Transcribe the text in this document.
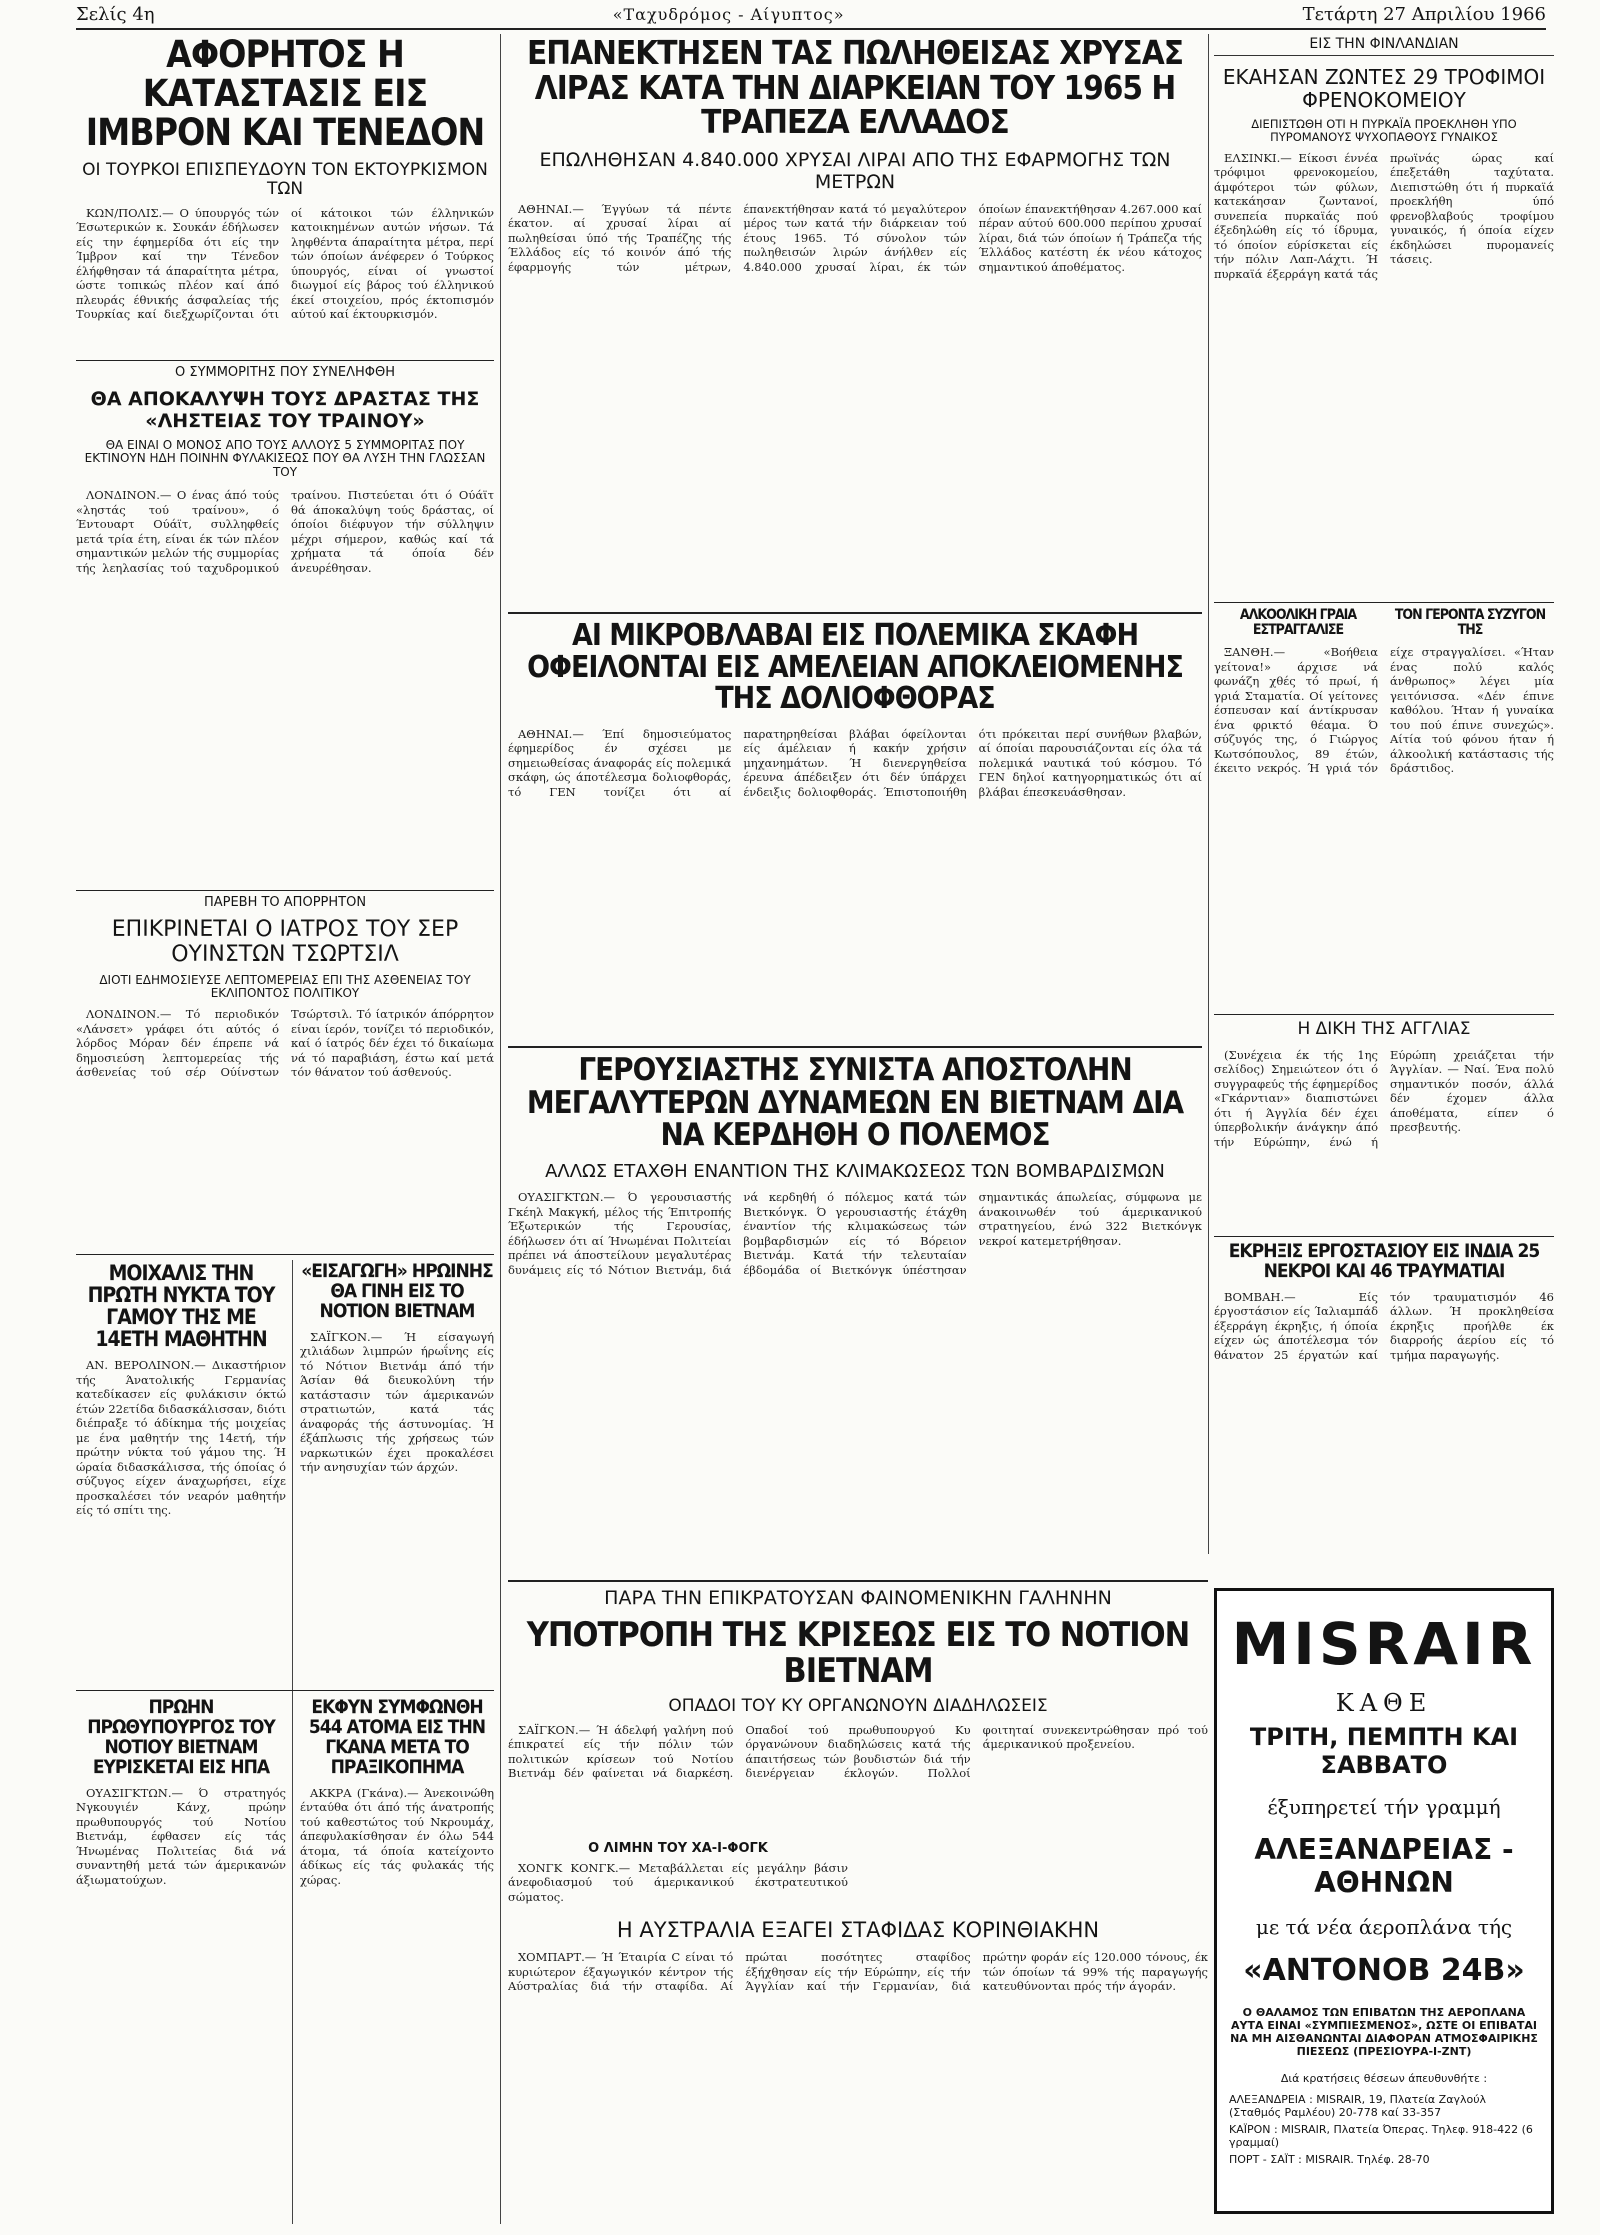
Σελίς 4η	«Ταχυδρόμος - Αίγυπτος»	Τετάρτη 27 Απριλίου 1966
ΑΦΟΡΗΤΟΣ Η ΚΑΤΑΣΤΑΣΙΣ ΕΙΣ ΙΜΒΡΟΝ ΚΑΙ ΤΕΝΕΔΟΝ
ΟΙ ΤΟΥΡΚΟΙ ΕΠΙΣΠΕΥΔΟΥΝ ΤΟΝ ΕΚΤΟΥΡΚΙΣΜΟΝ ΤΩΝ

ΚΩΝ/ΠΟΛΙΣ.— Ο ύπουργός τών Έσωτερικών κ. Σουκάν έδήλωσεν είς την έφημερίδα ότι είς την Ίμβρον καί την Τένεδον έλήφθησαν τά άπαραίτητα μέτρα, ώστε τοπικώς πλέον καί άπό πλευράς έθνικής άσφαλείας τής Τουρκίας καί διεξχωρίζονται ότι οί κάτοικοι τών έλληνικών κατοικημένων αυτών νήσων. Τά ληφθέντα άπαραίτητα μέτρα, περί τών όποίων άνέφερεν ό Τούρκος ύπουργός, είναι οί γνωστοί διωγμοί είς βάρος τού έλληνικού έκεί στοιχείου, πρός έκτοπισμόν αύτού καί έκτουρκισμόν.

Ο ΣΥΜΜΟΡΙΤΗΣ ΠΟΥ ΣΥΝΕΛΗΦΘΗ
ΘΑ ΑΠΟΚΑΛΥΨΗ ΤΟΥΣ ΔΡΑΣΤΑΣ ΤΗΣ «ΛΗΣΤΕΙΑΣ ΤΟΥ ΤΡΑΙΝΟΥ»
ΘΑ ΕΙΝΑΙ Ο ΜΟΝΟΣ ΑΠΟ ΤΟΥΣ ΑΛΛΟΥΣ 5 ΣΥΜΜΟΡΙΤΑΣ ΠΟΥ ΕΚΤΙΝΟΥΝ ΗΔΗ ΠΟΙΝΗΝ ΦΥΛΑΚΙΣΕΩΣ ΠΟΥ ΘΑ ΛΥΣΗ ΤΗΝ ΓΛΩΣΣΑΝ ΤΟΥ

ΛΟΝΔΙΝΟΝ.— Ο ένας άπό τούς «ληστάς τού τραίνου», ό Έντουαρτ Ούάϊτ, συλληφθείς μετά τρία έτη, είναι έκ τών πλέον σημαντικών μελών τής συμμορίας τής λεηλασίας τού ταχυδρομικού τραίνου. Πιστεύεται ότι ό Ούάϊτ θά άποκαλύψη τούς δράστας, οί όποίοι διέφυγον τήν σύλληψιν μέχρι σήμερον, καθώς καί τά χρήματα τά όποία δέν άνευρέθησαν.

ΠΑΡΕΒΗ ΤΟ ΑΠΟΡΡΗΤΟΝ
ΕΠΙΚΡΙΝΕΤΑΙ Ο ΙΑΤΡΟΣ ΤΟΥ ΣΕΡ ΟΥΙΝΣΤΩΝ ΤΣΩΡΤΣΙΛ
ΔΙΟΤΙ ΕΔΗΜΟΣΙΕΥΣΕ ΛΕΠΤΟΜΕΡΕΙΑΣ ΕΠΙ ΤΗΣ ΑΣΘΕΝΕΙΑΣ ΤΟΥ ΕΚΛΙΠΟΝΤΟΣ ΠΟΛΙΤΙΚΟΥ

ΛΟΝΔΙΝΟΝ.— Τό περιοδικόν «Λάνσετ» γράφει ότι αύτός ό λόρδος Μόραν δέν έπρεπε νά δημοσιεύση λεπτομερείας τής άσθενείας τού σέρ Ούίνστων Τσώρτσιλ. Τό ίατρικόν άπόρρητον είναι ίερόν, τονίζει τό περιοδικόν, καί ό ίατρός δέν έχει τό δικαίωμα νά τό παραβιάση, έστω καί μετά τόν θάνατον τού άσθενούς.

ΜΟΙΧΑΛΙΣ ΤΗΝ ΠΡΩΤΗ ΝΥΚΤΑ ΤΟΥ ΓΑΜΟΥ ΤΗΣ ΜΕ 14ΕΤΗ ΜΑΘΗΤΗΝ

ΑΝ. ΒΕΡΟΛΙΝΟΝ.— Δικαστήριον τής Άνατολικής Γερμανίας κατεδίκασεν είς φυλάκισιν όκτώ έτών 22ετίδα διδασκάλισσαν, διότι διέπραξε τό άδίκημα τής μοιχείας με ένα μαθητήν της 14ετή, τήν πρώτην νύκτα τού γάμου της. Ή ώραία διδασκάλισσα, τής όποίας ό σύζυγος είχεν άναχωρήσει, είχε προσκαλέσει τόν νεαρόν μαθητήν είς τό σπίτι της.

«ΕΙΣΑΓΩΓΗ» ΗΡΩΙΝΗΣ ΘΑ ΓΙΝΗ ΕΙΣ ΤΟ ΝΟΤΙΟΝ ΒΙΕΤΝΑΜ

ΣΑΪΓΚΟΝ.— Ή είσαγωγή χιλιάδων λιμπρών ήρωΐνης είς τό Νότιον Βιετνάμ άπό τήν Άσίαν θά διευκολύνη τήν κατάστασιν τών άμερικανών στρατιωτών, κατά τάς άναφοράς τής άστυνομίας. Ή έξάπλωσις τής χρήσεως τών ναρκωτικών έχει προκαλέσει τήν ανησυχίαν τών άρχών.

ΠΡΩΗΝ ΠΡΩΘΥΠΟΥΡΓΟΣ ΤΟΥ ΝΟΤΙΟΥ ΒΙΕΤΝΑΜ ΕΥΡΙΣΚΕΤΑΙ ΕΙΣ ΗΠΑ

ΟΥΑΣΙΓΚΤΩΝ.— Ό στρατηγός Νγκουγιέν Κάνχ, πρώην πρωθυπουργός τού Νοτίου Βιετνάμ, έφθασεν είς τάς Ήνωμένας Πολιτείας διά νά συναντηθή μετά τών άμερικανών άξιωματούχων.

ΕΚΦΥΝ ΣΥΜΦΩΝΘΗ 544 ΑΤΟΜΑ ΕΙΣ ΤΗΝ ΓΚΑΝΑ ΜΕΤΑ ΤΟ ΠΡΑΞΙΚΟΠΗΜΑ

ΑΚΚΡΑ (Γκάνα).— Άνεκοινώθη ένταύθα ότι άπό τής άνατροπής τού καθεστώτος τού Νκρουμάχ, άπεφυλακίσθησαν έν όλω 544 άτομα, τά όποία κατείχοντο άδίκως είς τάς φυλακάς τής χώρας.

ΕΠΑΝΕΚΤΗΣΕΝ ΤΑΣ ΠΩΛΗΘΕΙΣΑΣ ΧΡΥΣΑΣ ΛΙΡΑΣ ΚΑΤΑ ΤΗΝ ΔΙΑΡΚΕΙΑΝ ΤΟΥ 1965 Η ΤΡΑΠΕΖΑ ΕΛΛΑΔΟΣ
ΕΠΩΛΗΘΗΣΑΝ 4.840.000 ΧΡΥΣΑΙ ΛΙΡΑΙ ΑΠΟ ΤΗΣ ΕΦΑΡΜΟΓΗΣ ΤΩΝ ΜΕΤΡΩΝ

ΑΘΗΝΑΙ.— Έγγύων τά πέντε έκατον. αί χρυσαί λίραι αί πωληθείσαι ύπό τής Τραπέζης τής Έλλάδος είς τό κοινόν άπό τής έφαρμογής τών μέτρων, έπανεκτήθησαν κατά τό μεγαλύτερον μέρος των κατά τήν διάρκειαν τού έτους 1965. Τό σύνολον τών πωληθεισών λιρών άνήλθεν είς 4.840.000 χρυσαί λίραι, έκ τών όποίων έπανεκτήθησαν 4.267.000 καί πέραν αύτού 600.000 περίπου χρυσαί λίραι, διά τών όποίων ή Τράπεζα τής Έλλάδος κατέστη έκ νέου κάτοχος σημαντικού άποθέματος.

ΑΙ ΜΙΚΡΟΒΛΑΒΑΙ ΕΙΣ ΠΟΛΕΜΙΚΑ ΣΚΑΦΗ ΟΦΕΙΛΟΝΤΑΙ ΕΙΣ ΑΜΕΛΕΙΑΝ ΑΠΟΚΛΕΙΟΜΕΝΗΣ ΤΗΣ ΔΟΛΙΟΦΘΟΡΑΣ

ΑΘΗΝΑΙ.— Έπί δημοσιεύματος έφημερίδος έν σχέσει με σημειωθείσας άναφοράς είς πολεμικά σκάφη, ώς άποτέλεσμα δολιοφθοράς, τό ΓΕΝ τονίζει ότι αί παρατηρηθείσαι βλάβαι όφείλονται είς άμέλειαν ή κακήν χρήσιν μηχανημάτων. Ή διενεργηθείσα έρευνα άπέδειξεν ότι δέν ύπάρχει ένδειξις δολιοφθοράς. Έπιστοποιήθη ότι πρόκειται περί συνήθων βλαβών, αί όποίαι παρουσιάζονται είς όλα τά πολεμικά ναυτικά τού κόσμου. Τό ΓΕΝ δηλοί κατηγορηματικώς ότι αί βλάβαι έπεσκευάσθησαν.

ΓΕΡΟΥΣΙΑΣΤΗΣ ΣΥΝΙΣΤΑ ΑΠΟΣΤΟΛΗΝ ΜΕΓΑΛΥΤΕΡΩΝ ΔΥΝΑΜΕΩΝ ΕΝ ΒΙΕΤΝΑΜ ΔΙΑ ΝΑ ΚΕΡΔΗΘΗ Ο ΠΟΛΕΜΟΣ
ΑΛΛΩΣ ΕΤΑΧΘΗ ΕΝΑΝΤΙΟΝ ΤΗΣ ΚΛΙΜΑΚΩΣΕΩΣ ΤΩΝ ΒΟΜΒΑΡΔΙΣΜΩΝ

ΟΥΑΣΙΓΚΤΩΝ.— Ό γερουσιαστής Γκέηλ Μακγκή, μέλος τής Έπιτροπής Έξωτερικών τής Γερουσίας, έδήλωσεν ότι αί Ήνωμέναι Πολιτείαι πρέπει νά άποστείλουν μεγαλυτέρας δυνάμεις είς τό Νότιον Βιετνάμ, διά νά κερδηθή ό πόλεμος κατά τών Βιετκόνγκ. Ό γερουσιαστής έτάχθη έναντίον τής κλιμακώσεως τών βομβαρδισμών είς τό Βόρειον Βιετνάμ. Κατά τήν τελευταίαν έβδομάδα οί Βιετκόνγκ ύπέστησαν σημαντικάς άπωλείας, σύμφωνα με άνακοινωθέν τού άμερικανικού στρατηγείου, ένώ 322 Βιετκόνγκ νεκροί κατεμετρήθησαν.

ΠΑΡΑ ΤΗΝ ΕΠΙΚΡΑΤΟΥΣΑΝ ΦΑΙΝΟΜΕΝΙΚΗΝ ΓΑΛΗΝΗΝ
ΥΠΟΤΡΟΠΗ ΤΗΣ ΚΡΙΣΕΩΣ ΕΙΣ ΤΟ ΝΟΤΙΟΝ ΒΙΕΤΝΑΜ
ΟΠΑΔΟΙ ΤΟΥ ΚΥ ΟΡΓΑΝΩΝΟΥΝ ΔΙΑΔΗΛΩΣΕΙΣ

ΣΑΪΓΚΟΝ.— Ή άδελφή γαλήνη πού έπικρατεί είς τήν πόλιν τών πολιτικών κρίσεων τού Νοτίου Βιετνάμ δέν φαίνεται νά διαρκέση. Οπαδοί τού πρωθυπουργού Κυ όργανώνουν διαδηλώσεις κατά τής άπαιτήσεως τών βουδιστών διά τήν διενέργειαν έκλογών. Πολλοί φοιτηταί συνεκεντρώθησαν πρό τού άμερικανικού προξενείου.

Ο ΛΙΜΗΝ ΤΟΥ ΧΑ-Ι-ΦΟΓΚ

ΧΟΝΓΚ ΚΟΝΓΚ.— Μεταβάλλεται είς μεγάλην βάσιν άνεφοδιασμού τού άμερικανικού έκστρατευτικού σώματος.

Η ΑΥΣΤΡΑΛΙΑ ΕΞΑΓΕΙ ΣΤΑΦΙΔΑΣ ΚΟΡΙΝΘΙΑΚΗΝ

ΧΟΜΠΑΡΤ.— Ή Έταιρία C είναι τό κυριώτερον έξαγωγικόν κέντρον τής Αύστραλίας διά τήν σταφίδα. Αί πρώται ποσότητες σταφίδος έξήχθησαν είς τήν Εύρώπην, είς τήν Άγγλίαν καί τήν Γερμανίαν, διά πρώτην φοράν είς 120.000 τόνους, έκ τών όποίων τά 99% τής παραγωγής κατευθύνονται πρός τήν άγοράν.

ΕΙΣ ΤΗΝ ΦΙΝΛΑΝΔΙΑΝ
ΕΚΑΗΣΑΝ ΖΩΝΤΕΣ 29 ΤΡΟΦΙΜΟΙ ΦΡΕΝΟΚΟΜΕΙΟΥ
ΔΙΕΠΙΣΤΩΘΗ ΟΤΙ Η ΠΥΡΚΑΪΑ ΠΡΟΕΚΛΗΘΗ ΥΠΟ ΠΥΡΟΜΑΝΟΥΣ ΨΥΧΟΠΑΘΟΥΣ ΓΥΝΑΙΚΟΣ

ΕΛΣΙΝΚΙ.— Είκοσι έννέα τρόφιμοι φρενοκομείου, άμφότεροι τών φύλων, κατεκάησαν ζωντανοί, συνεπεία πυρκαϊάς πού έξεδηλώθη είς τό ίδρυμα, τό όποίον εύρίσκεται είς τήν πόλιν Λαπ-Λάχτι. Ή πυρκαϊά έξερράγη κατά τάς πρωϊνάς ώρας καί έπεξετάθη ταχύτατα. Διεπιστώθη ότι ή πυρκαϊά προεκλήθη ύπό φρενοβλαβούς τροφίμου γυναικός, ή όποία είχεν έκδηλώσει πυρομανείς τάσεις.

ΑΛΚΟΟΛΙΚΗ ΓΡΑΙΑ ΕΣΤΡΑΓΓΑΛΙΣΕ
ΤΟΝ ΓΕΡΟΝΤΑ ΣΥΖΥΓΟΝ ΤΗΣ

ΞΑΝΘΗ.— «Βοήθεια γείτονα!» άρχισε νά φωνάζη χθές τό πρωί, ή γριά Σταματία. Οί γείτονες έσπευσαν καί άντίκρυσαν ένα φρικτό θέαμα. Ό σύζυγός της, ό Γιώργος Κωτσόπουλος, 89 έτών, έκειτο νεκρός. Ή γριά τόν είχε στραγγαλίσει. «Ήταν ένας πολύ καλός άνθρωπος» λέγει μία γειτόνισσα. «Δέν έπινε καθόλου. Ήταν ή γυναίκα του πού έπινε συνεχώς». Αίτία τού φόνου ήταν ή άλκοολική κατάστασις τής δράστιδος.

Η ΔΙΚΗ ΤΗΣ ΑΓΓΛΙΑΣ

(Συνέχεια έκ τής 1ης σελίδος) Σημειώτεον ότι ό συγγραφεύς τής έφημερίδος «Γκάρντιαν» διαπιστώνει ότι ή Άγγλία δέν έχει ύπερβολικήν άνάγκην άπό τήν Εύρώπην, ένώ ή Εύρώπη χρειάζεται τήν Άγγλίαν. — Ναί. Ένα πολύ σημαντικόν ποσόν, άλλά δέν έχομεν άλλα άποθέματα, είπεν ό πρεσβευτής.

ΕΚΡΗΞΙΣ ΕΡΓΟΣΤΑΣΙΟΥ ΕΙΣ ΙΝΔΙΑ 25 ΝΕΚΡΟΙ ΚΑΙ 46 ΤΡΑΥΜΑΤΙΑΙ

ΒΟΜΒΑΗ.— Είς έργοστάσιον είς Ίαλιαμπάδ έξερράγη έκρηξις, ή όποία είχεν ώς άποτέλεσμα τόν θάνατον 25 έργατών καί τόν τραυματισμόν 46 άλλων. Ή προκληθείσα έκρηξις προήλθε έκ διαρροής άερίου είς τό τμήμα παραγωγής.

MISRAIR
ΚΑΘΕ
ΤΡΙΤΗ, ΠΕΜΠΤΗ ΚΑΙ ΣΑΒΒΑΤΟ
έξυπηρετεί τήν γραμμή
ΑΛΕΞΑΝΔΡΕΙΑΣ - ΑΘΗΝΩΝ
με τά νέα άεροπλάνα τής
«ΑΝΤΟΝΟΒ 24Β»
Ο ΘΑΛΑΜΟΣ ΤΩΝ ΕΠΙΒΑΤΩΝ ΤΗΣ ΑΕΡΟΠΛΑΝΑ ΑΥΤΑ ΕΙΝΑΙ «ΣΥΜΠΙΕΣΜΕΝΟΣ», ΩΣΤΕ ΟΙ ΕΠΙΒΑΤΑΙ ΝΑ ΜΗ ΑΙΣΘΑΝΩΝΤΑΙ ΔΙΑΦΟΡΑΝ ΑΤΜΟΣΦΑΙΡΙΚΗΣ ΠΙΕΣΕΩΣ (ΠΡΕΣΙΟΥΡΑ-Ι-ΖΝΤ)
Διά κρατήσεις θέσεων άπευθυνθήτε :
ΑΛΕΞΑΝΔΡΕΙΑ : MISRAIR, 19, Πλατεία Ζαγλούλ (Σταθμός Ραμλέου) 20-778 καί 33-357
ΚΑΪΡΟΝ : MISRAIR, Πλατεία Όπερας. Τηλεφ. 918-422 (6 γραμμαί)
ΠΟΡΤ - ΣΑΪΤ : MISRAIR. Τηλέφ. 28-70
